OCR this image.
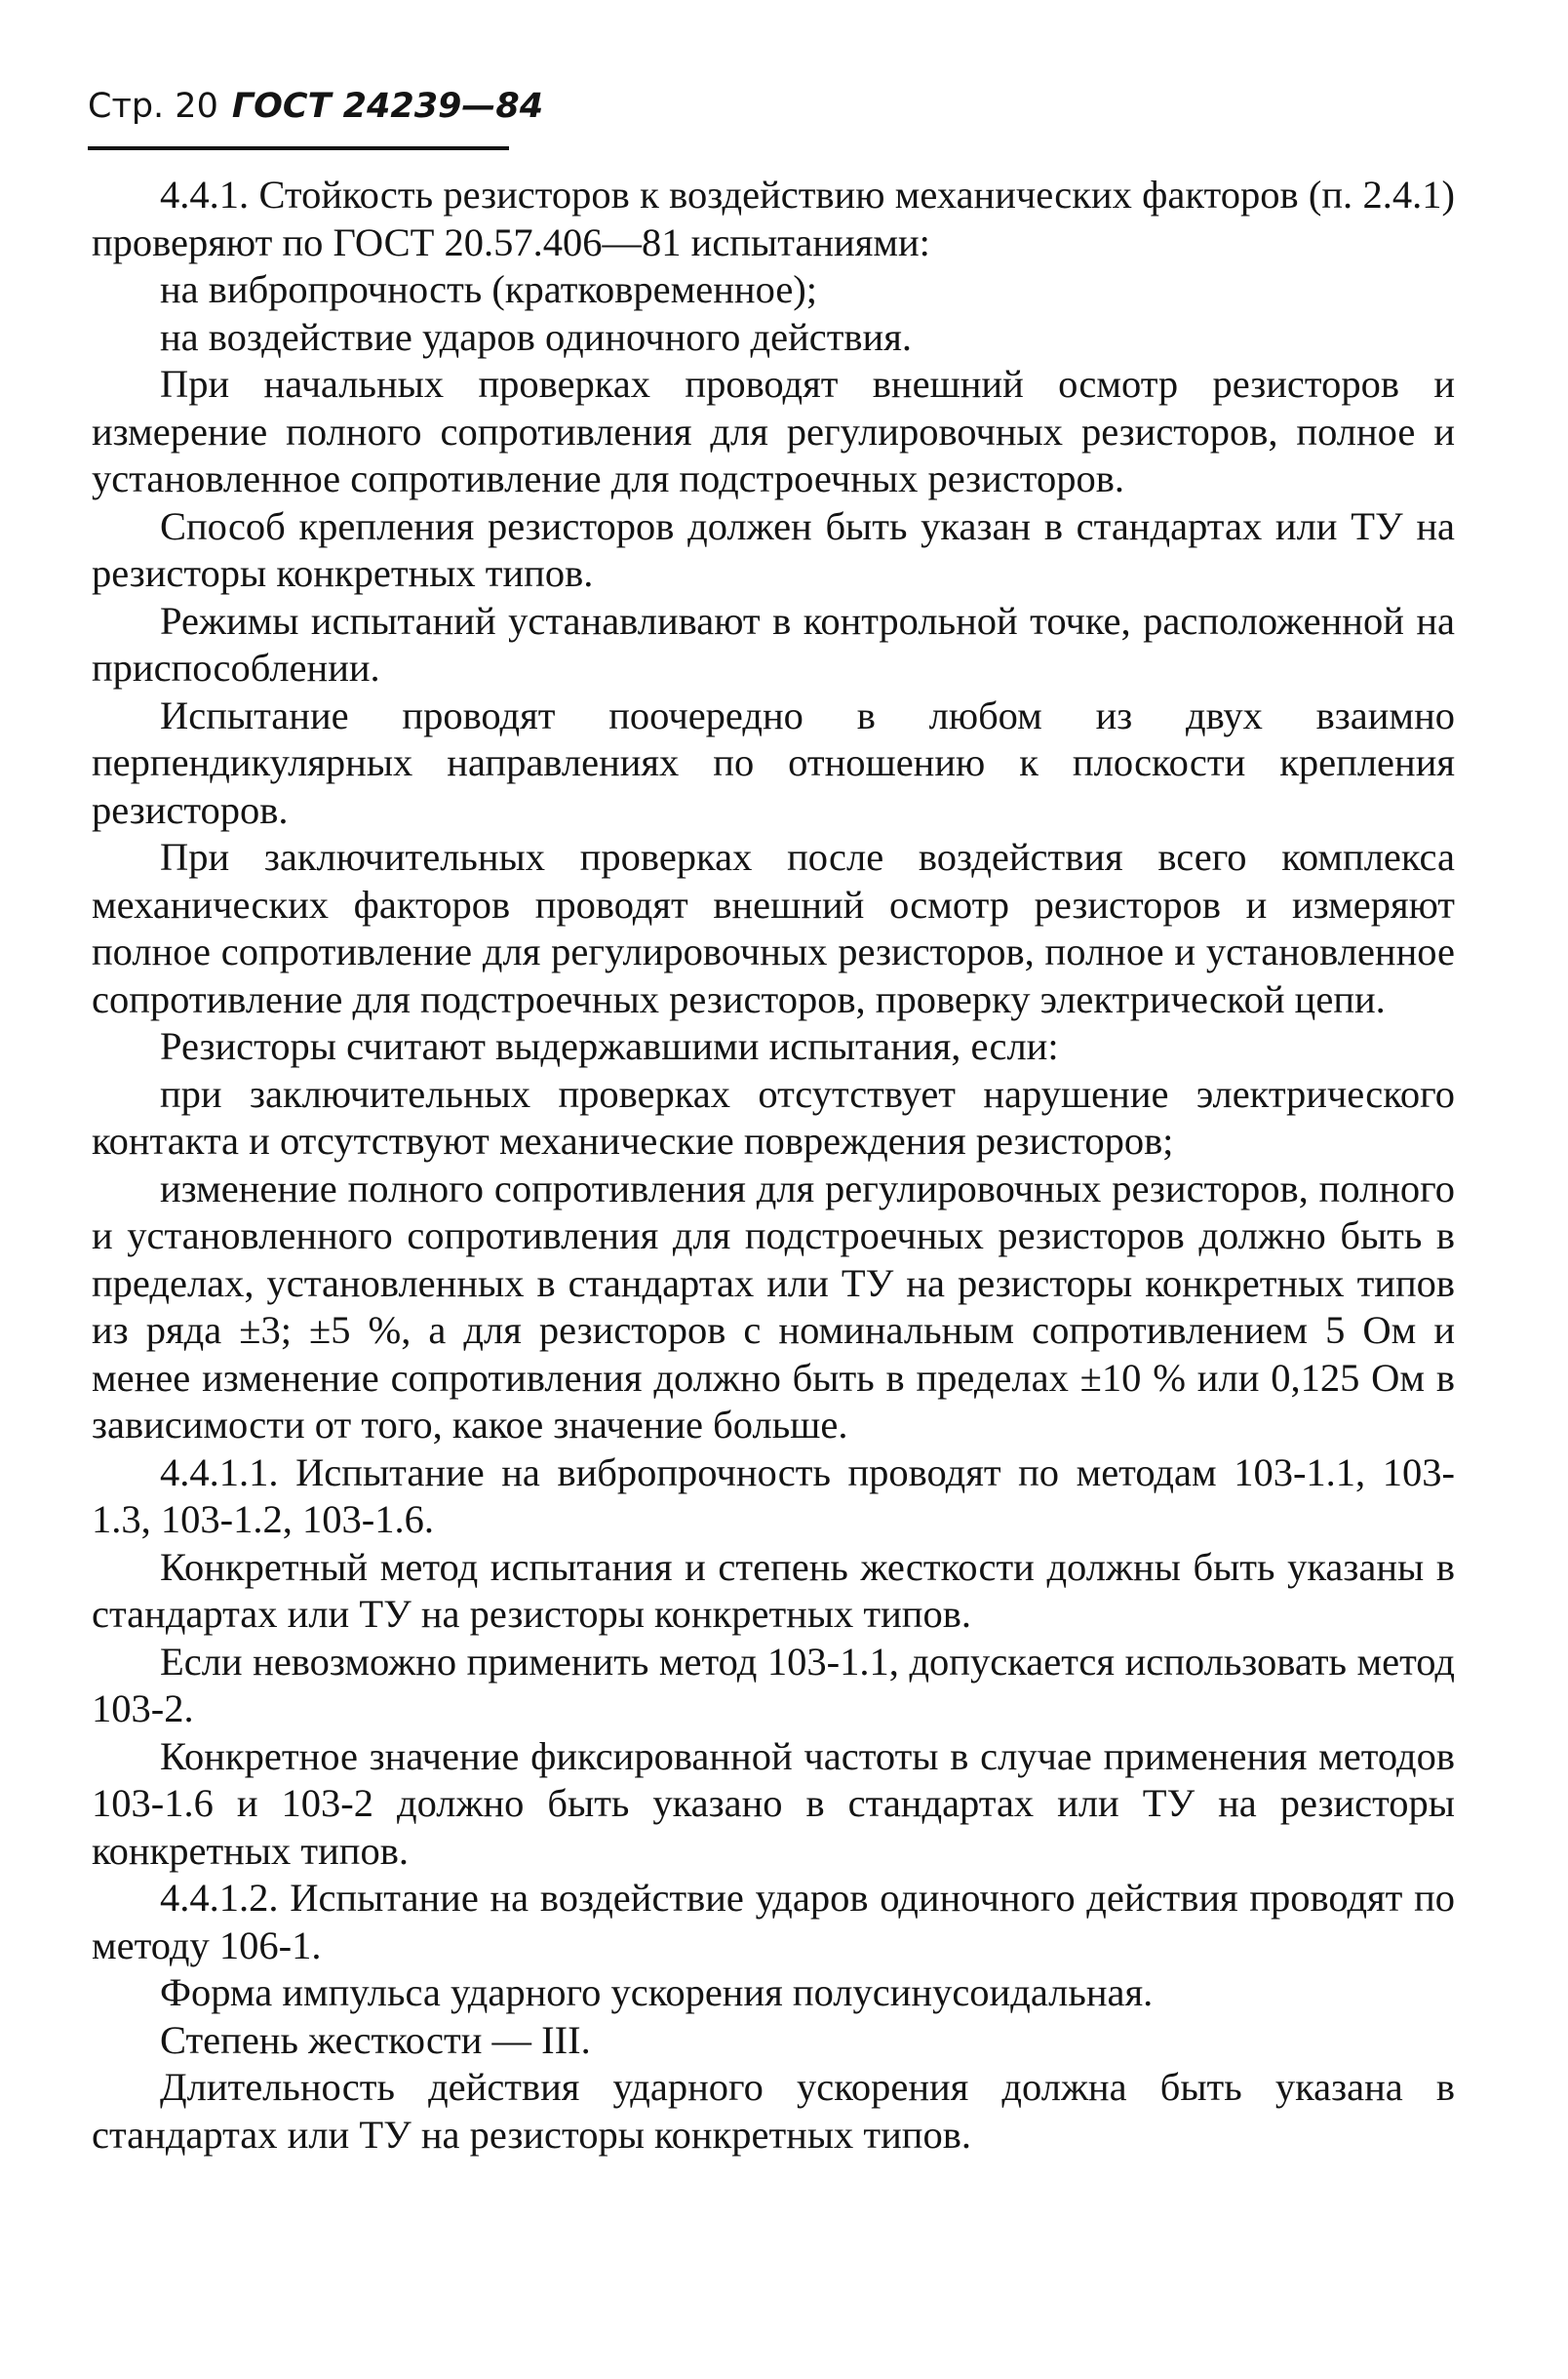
Стр. 20 ГОСТ 24239—84

4.4.1. Стойкость резисторов к воздействию механических факторов (п. 2.4.1) проверяют по ГОСТ 20.57.406—81 испытаниями:

на вибропрочность (кратковременное);

на воздействие ударов одиночного действия.

При начальных проверках проводят внешний осмотр резисторов и измерение полного сопротивления для регулировочных резисторов, полное и установленное сопротивление для подстроечных резисторов.

Способ крепления резисторов должен быть указан в стандартах или ТУ на резисторы конкретных типов.

Режимы испытаний устанавливают в контрольной точке, расположенной на приспособлении.

Испытание проводят поочередно в любом из двух взаимно перпендикулярных направлениях по отношению к плоскости крепления резисторов.

При заключительных проверках после воздействия всего комплекса механических факторов проводят внешний осмотр резисторов и измеряют полное сопротивление для регулировочных резисторов, полное и установленное сопротивление для подстроечных резисторов, проверку электрической цепи.

Резисторы считают выдержавшими испытания, если:

при заключительных проверках отсутствует нарушение электрического контакта и отсутствуют механические повреждения резисторов;

изменение полного сопротивления для регулировочных резисторов, полного и установленного сопротивления для подстроечных резисторов должно быть в пределах, установленных в стандартах или ТУ на резисторы конкретных типов из ряда ±3; ±5 %, а для резисторов с номинальным сопротивлением 5 Ом и менее изменение сопротивления должно быть в пределах ±10 % или 0,125 Ом в зависимости от того, какое значение больше.

4.4.1.1. Испытание на вибропрочность проводят по методам 103-1.1, 103-1.3, 103-1.2, 103-1.6.

Конкретный метод испытания и степень жесткости должны быть указаны в стандартах или ТУ на резисторы конкретных типов.

Если невозможно применить метод 103-1.1, допускается использовать метод 103-2.

Конкретное значение фиксированной частоты в случае применения методов 103-1.6 и 103-2 должно быть указано в стандартах или ТУ на резисторы конкретных типов.

4.4.1.2. Испытание на воздействие ударов одиночного действия проводят по методу 106-1.

Форма импульса ударного ускорения полусинусоидальная.

Степень жесткости — III.

Длительность действия ударного ускорения должна быть указана в стандартах или ТУ на резисторы конкретных типов.
